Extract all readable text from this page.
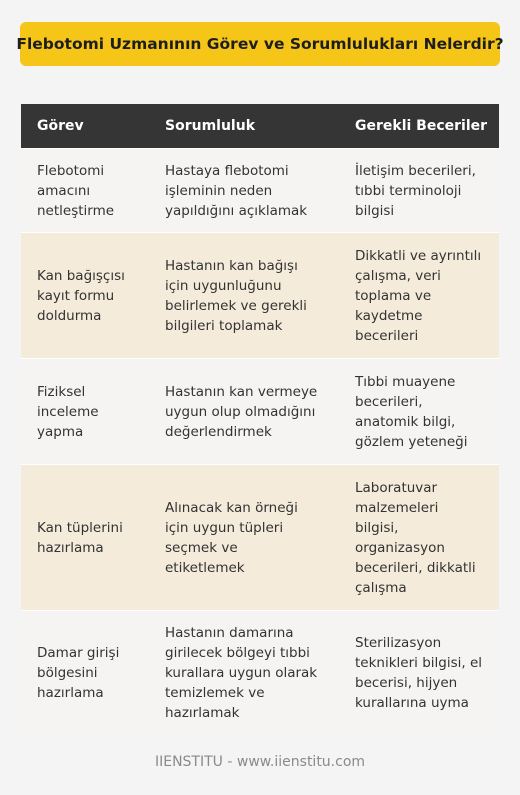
Flebotomi Uzmanının Görev ve Sorumlulukları Nelerdir?
Görev	Sorumluluk	Gerekli Beceriler
Flebotomi
amacını
netleştirme
Hastaya flebotomi
işleminin neden
yapıldığını açıklamak
İletişim becerileri,
tıbbi terminoloji
bilgisi
Kan bağışçısı
kayıt formu
doldurma
Hastanın kan bağışı
için uygunluğunu
belirlemek ve gerekli
bilgileri toplamak
Dikkatli ve ayrıntılı
çalışma, veri
toplama ve
kaydetme
becerileri
Fiziksel
inceleme
yapma
Hastanın kan vermeye
uygun olup olmadığını
değerlendirmek
Tıbbi muayene
becerileri,
anatomik bilgi,
gözlem yeteneği
Kan tüplerini
hazırlama
Alınacak kan örneği
için uygun tüpleri
seçmek ve
etiketlemek
Laboratuvar
malzemeleri
bilgisi,
organizasyon
becerileri, dikkatli
çalışma
Damar girişi
bölgesini
hazırlama
Hastanın damarına
girilecek bölgeyi tıbbi
kurallara uygun olarak
temizlemek ve
hazırlamak
Sterilizasyon
teknikleri bilgisi, el
becerisi, hijyen
kurallarına uyma
IIENSTITU - www.iienstitu.com
